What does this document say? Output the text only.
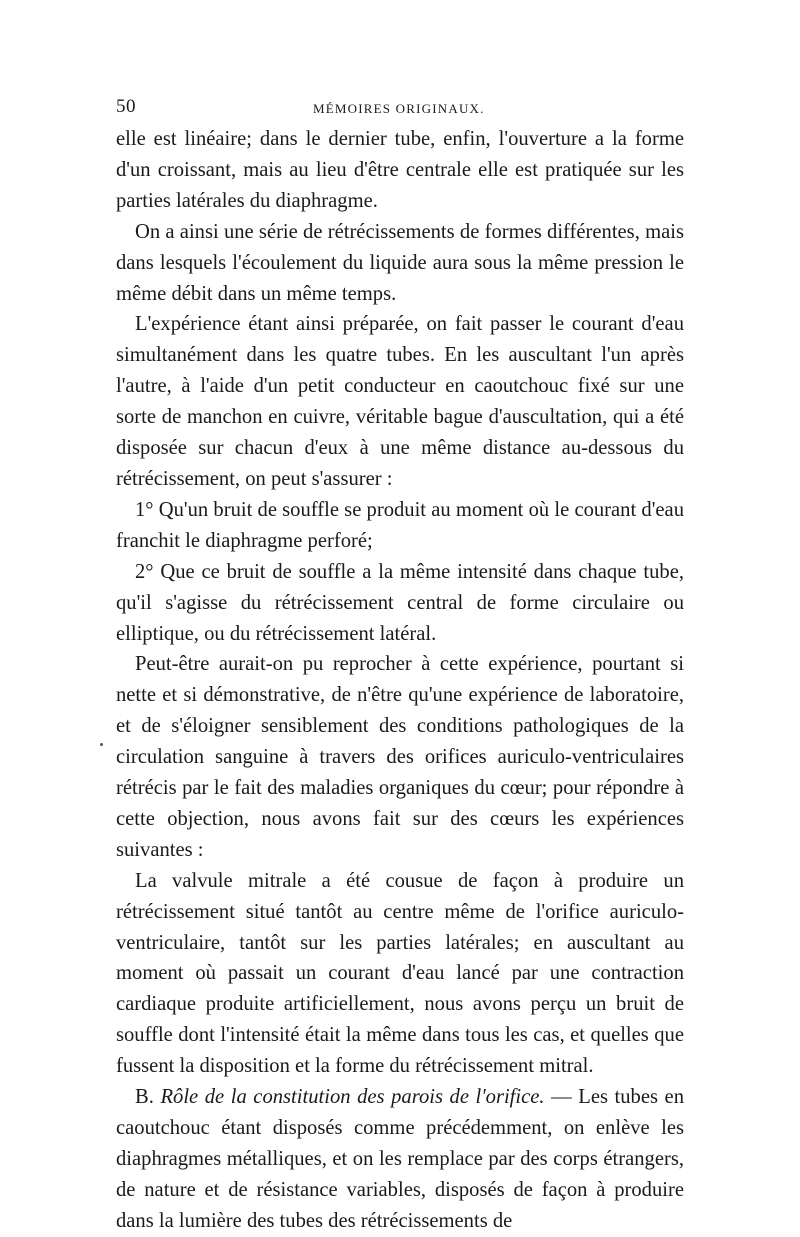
50	MÉMOIRES ORIGINAUX.

elle est linéaire; dans le dernier tube, enfin, l'ouverture a la forme d'un croissant, mais au lieu d'être centrale elle est pratiquée sur les parties latérales du diaphragme.

On a ainsi une série de rétrécissements de formes différentes, mais dans lesquels l'écoulement du liquide aura sous la même pression le même débit dans un même temps.

L'expérience étant ainsi préparée, on fait passer le courant d'eau simultanément dans les quatre tubes. En les auscultant l'un après l'autre, à l'aide d'un petit conducteur en caoutchouc fixé sur une sorte de manchon en cuivre, véritable bague d'auscultation, qui a été disposée sur chacun d'eux à une même distance au-dessous du rétrécissement, on peut s'assurer :

1° Qu'un bruit de souffle se produit au moment où le courant d'eau franchit le diaphragme perforé;

2° Que ce bruit de souffle a la même intensité dans chaque tube, qu'il s'agisse du rétrécissement central de forme circulaire ou elliptique, ou du rétrécissement latéral.

Peut-être aurait-on pu reprocher à cette expérience, pourtant si nette et si démonstrative, de n'être qu'une expérience de laboratoire, et de s'éloigner sensiblement des conditions pathologiques de la circulation sanguine à travers des orifices auriculo-ventriculaires rétrécis par le fait des maladies organiques du cœur; pour répondre à cette objection, nous avons fait sur des cœurs les expériences suivantes :

La valvule mitrale a été cousue de façon à produire un rétrécissement situé tantôt au centre même de l'orifice auriculo-ventriculaire, tantôt sur les parties latérales; en auscultant au moment où passait un courant d'eau lancé par une contraction cardiaque produite artificiellement, nous avons perçu un bruit de souffle dont l'intensité était la même dans tous les cas, et quelles que fussent la disposition et la forme du rétrécissement mitral.

B. Rôle de la constitution des parois de l'orifice. — Les tubes en caoutchouc étant disposés comme précédemment, on enlève les diaphragmes métalliques, et on les remplace par des corps étrangers, de nature et de résistance variables, disposés de façon à produire dans la lumière des tubes des rétrécissements de
